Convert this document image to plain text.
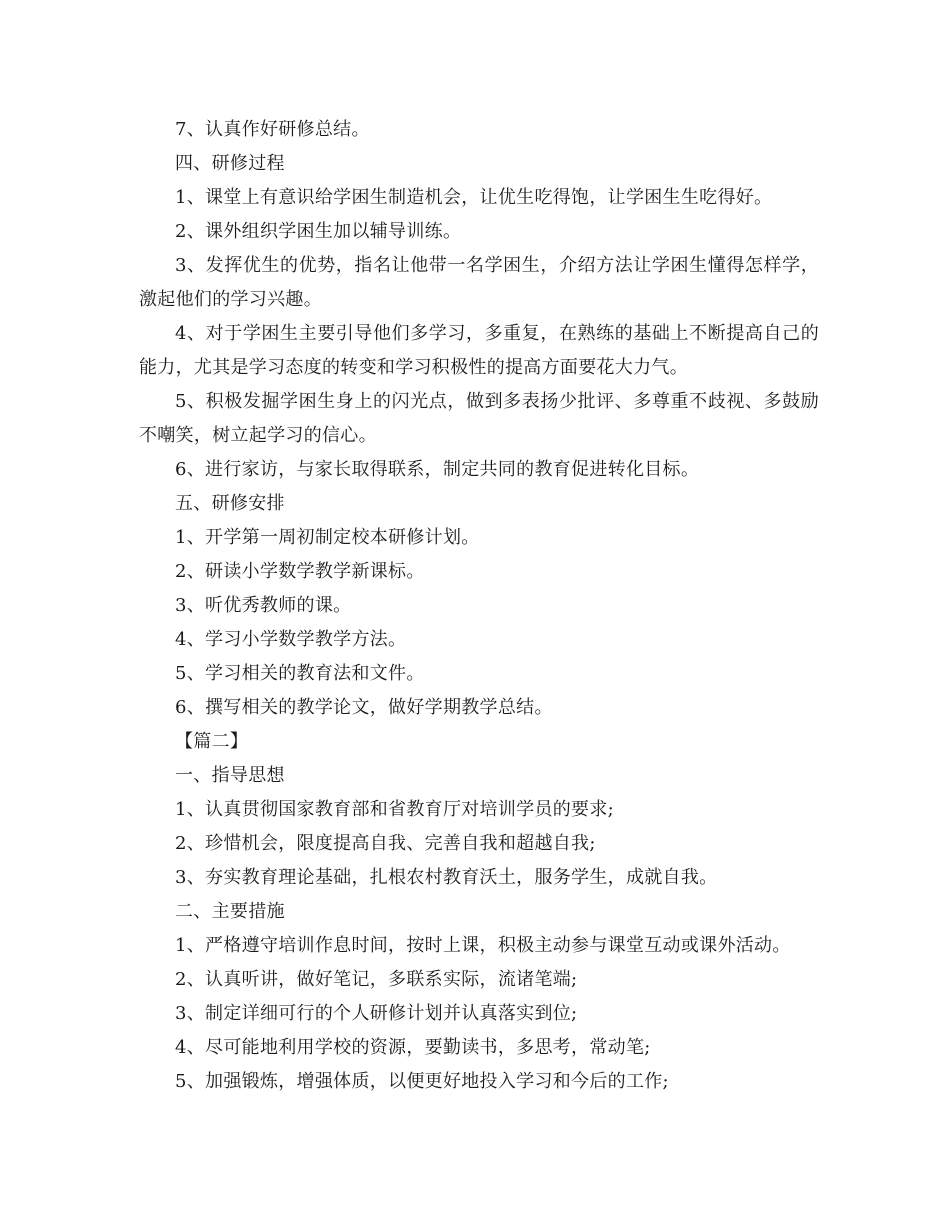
7、认真作好研修总结。

四、研修过程

1、课堂上有意识给学困生制造机会，让优生吃得饱，让学困生生吃得好。

2、课外组织学困生加以辅导训练。

3、发挥优生的优势，指名让他带一名学困生，介绍方法让学困生懂得怎样学，激起他们的学习兴趣。

4、对于学困生主要引导他们多学习，多重复，在熟练的基础上不断提高自己的能力，尤其是学习态度的转变和学习积极性的提高方面要花大力气。

5、积极发掘学困生身上的闪光点，做到多表扬少批评、多尊重不歧视、多鼓励不嘲笑，树立起学习的信心。

6、进行家访，与家长取得联系，制定共同的教育促进转化目标。

五、研修安排

1、开学第一周初制定校本研修计划。

2、研读小学数学教学新课标。

3、听优秀教师的课。

4、学习小学数学教学方法。

5、学习相关的教育法和文件。

6、撰写相关的教学论文，做好学期教学总结。

【篇二】

一、指导思想

1、认真贯彻国家教育部和省教育厅对培训学员的要求;

2、珍惜机会，限度提高自我、完善自我和超越自我;

3、夯实教育理论基础，扎根农村教育沃土，服务学生，成就自我。

二、主要措施

1、严格遵守培训作息时间，按时上课，积极主动参与课堂互动或课外活动。

2、认真听讲，做好笔记，多联系实际，流诸笔端;

3、制定详细可行的个人研修计划并认真落实到位;

4、尽可能地利用学校的资源，要勤读书，多思考，常动笔;

5、加强锻炼，增强体质，以便更好地投入学习和今后的工作;
